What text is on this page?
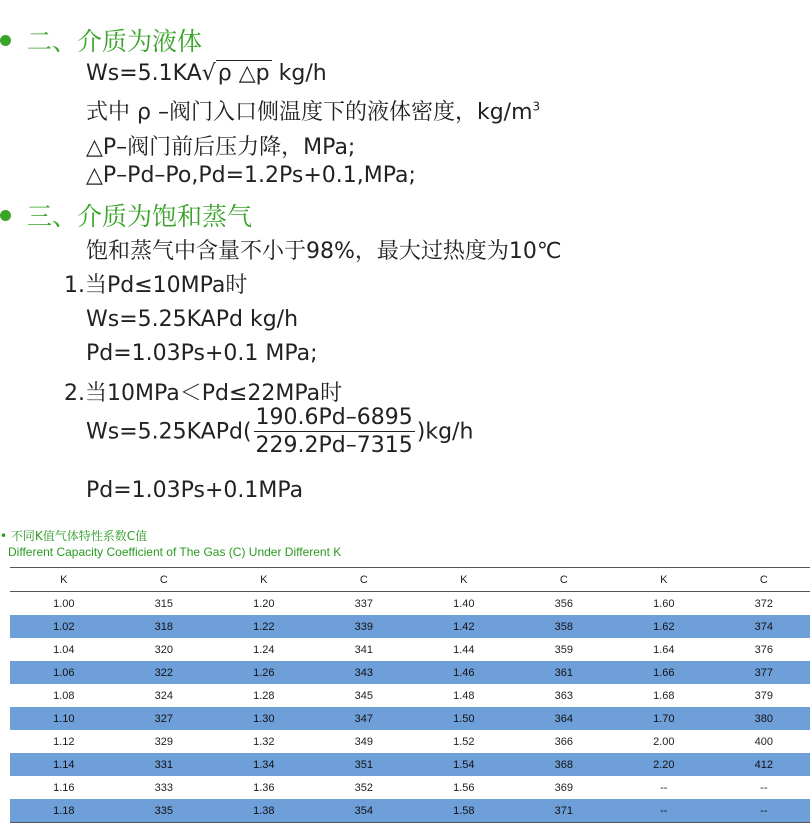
二、介质为液体
Ws=5.1KA√ρ △p kg/h
式中 ρ –阀门入口侧温度下的液体密度，$kg/m^3$
△P–阀门前后压力降，MPa;
△P–Pd–Po,Pd=1.2Ps+0.1,MPa;
三、介质为饱和蒸气
饱和蒸气中含量不小于98%，最大过热度为10℃
1.当Pd≤10MPa时
Ws=5.25KAPd kg/h
Pd=1.03Ps+0.1 MPa;
2.当10MPa＜Pd≤22MPa时
Ws=5.25KAPd( $\frac{190.6Pd-6895}{229.2Pd-7315} )kg/h$
Pd=1.03Ps+0.1MPa
• 不同K值气体特性系数C值
Different Capacity Coefficient of The Gas (C) Under Different K
K	C	K	C	K	C	K	C
1.00	315	1.20	337	1.40	356	1.60	372
1.02	318	1.22	339	1.42	358	1.62	374
1.04	320	1.24	341	1.44	359	1.64	376
1.06	322	1.26	343	1.46	361	1.66	377
1.08	324	1.28	345	1.48	363	1.68	379
1.10	327	1.30	347	1.50	364	1.70	380
1.12	329	1.32	349	1.52	366	2.00	400
1.14	331	1.34	351	1.54	368	2.20	412
1.16	333	1.36	352	1.56	369	--	--
1.18	335	1.38	354	1.58	371	--	--
